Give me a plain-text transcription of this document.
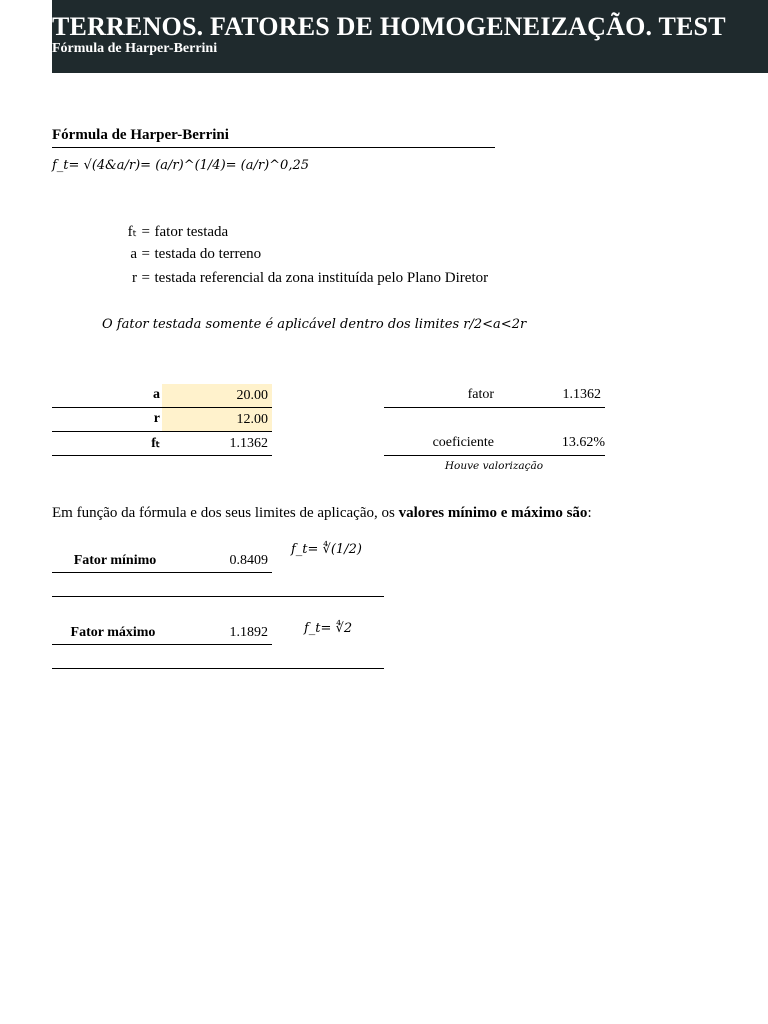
TERRENOS. FATORES DE HOMOGENEIZAÇÃO. TEST
Fórmula de Harper-Berrini
Fórmula de Harper-Berrini
𝑓_𝑡= √(4&𝑎/𝑟)= (𝑎/𝑟)^(1/4)= (𝑎/𝑟)^0,25
fₜ = fator testada
a = testada do terreno
r = testada referencial da zona instituída pelo Plano Diretor
𝑂 𝑓𝑎𝑡𝑜𝑟 𝑡𝑒𝑠𝑡𝑎𝑑𝑎 𝑠𝑜𝑚𝑒𝑛𝑡𝑒 é 𝑎𝑝𝑙𝑖𝑐á𝑣𝑒𝑙 𝑑𝑒𝑛𝑡𝑟𝑜 𝑑𝑜𝑠 𝑙𝑖𝑚𝑖𝑡𝑒𝑠 𝑟/2<𝑎<2𝑟
a	20.00
r	12.00
fₜ	1.1362
fator	1.1362
coeficiente	13.62%
Houve valorização
Em função da fórmula e dos seus limites de aplicação, os valores mínimo e máximo são:
𝑓_𝑡= ∜(1/2)
Fator mínimo	0.8409
𝑓_𝑡= ∜2
Fator máximo	1.1892
